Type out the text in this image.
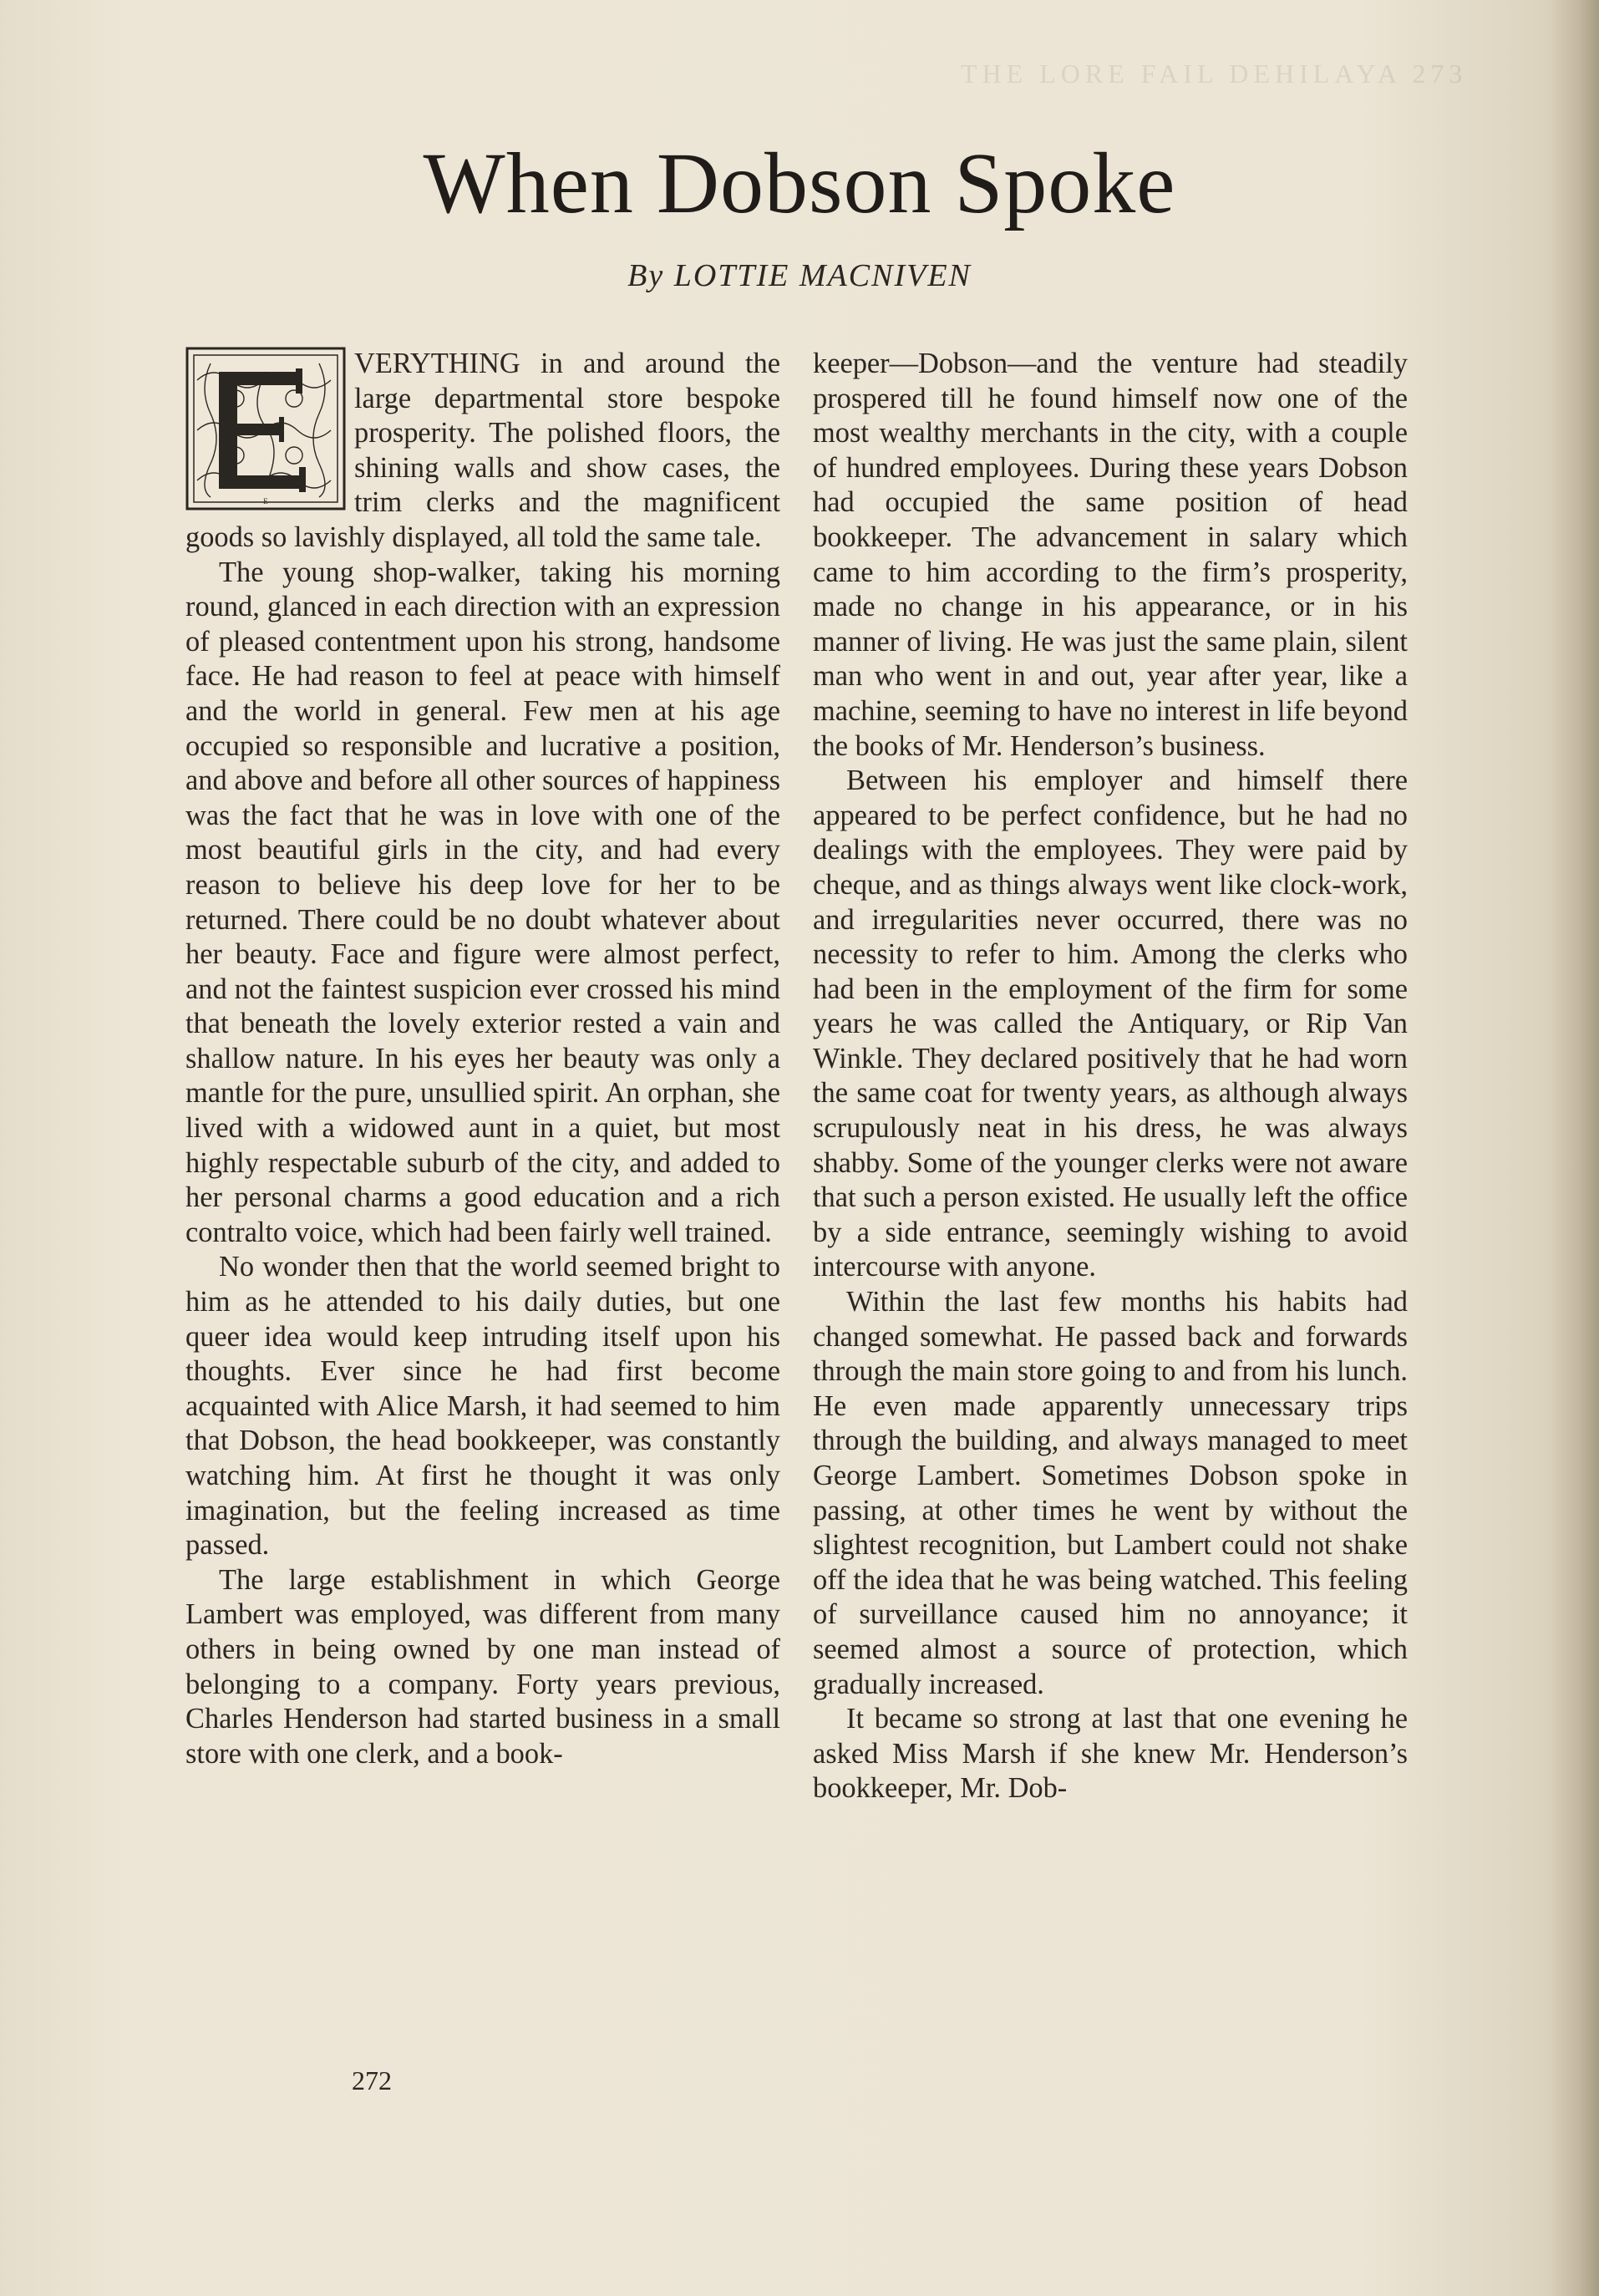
THE LORE FAIL DEHILAYA 273
When Dobson Spoke
By LOTTIE MACNIVEN
E

VERYTHING in and around the large departmental store bespoke prosperity. The polished floors, the shining walls and show cases, the trim clerks and the magnificent goods so lavishly displayed, all told the same tale.

The young shop-walker, taking his morning round, glanced in each direction with an expression of pleased contentment upon his strong, handsome face. He had reason to feel at peace with himself and the world in general. Few men at his age occupied so responsible and lucrative a position, and above and before all other sources of happiness was the fact that he was in love with one of the most beautiful girls in the city, and had every reason to believe his deep love for her to be returned. There could be no doubt whatever about her beauty. Face and figure were almost perfect, and not the faintest suspicion ever crossed his mind that beneath the lovely exterior rested a vain and shallow nature. In his eyes her beauty was only a mantle for the pure, unsullied spirit. An orphan, she lived with a widowed aunt in a quiet, but most highly respectable suburb of the city, and added to her personal charms a good education and a rich contralto voice, which had been fairly well trained.

No wonder then that the world seemed bright to him as he attended to his daily duties, but one queer idea would keep intruding itself upon his thoughts. Ever since he had first become acquainted with Alice Marsh, it had seemed to him that Dobson, the head bookkeeper, was constantly watching him. At first he thought it was only imagination, but the feeling increased as time passed.

The large establishment in which George Lambert was employed, was different from many others in being owned by one man instead of belonging to a company. Forty years previous, Charles Henderson had started business in a small store with one clerk, and a book-

keeper—Dobson—and the venture had steadily prospered till he found himself now one of the most wealthy merchants in the city, with a couple of hundred employees. During these years Dobson had occupied the same position of head bookkeeper. The advancement in salary which came to him according to the firm’s prosperity, made no change in his appearance, or in his manner of living. He was just the same plain, silent man who went in and out, year after year, like a machine, seeming to have no interest in life beyond the books of Mr. Henderson’s business.

Between his employer and himself there appeared to be perfect confidence, but he had no dealings with the employees. They were paid by cheque, and as things always went like clock-work, and irregularities never occurred, there was no necessity to refer to him. Among the clerks who had been in the employment of the firm for some years he was called the Antiquary, or Rip Van Winkle. They declared positively that he had worn the same coat for twenty years, as although always scrupulously neat in his dress, he was always shabby. Some of the younger clerks were not aware that such a person existed. He usually left the office by a side entrance, seemingly wishing to avoid intercourse with anyone.

Within the last few months his habits had changed somewhat. He passed back and forwards through the main store going to and from his lunch. He even made apparently unnecessary trips through the building, and always managed to meet George Lambert. Sometimes Dobson spoke in passing, at other times he went by without the slightest recognition, but Lambert could not shake off the idea that he was being watched. This feeling of surveillance caused him no annoyance; it seemed almost a source of protection, which gradually increased.

It became so strong at last that one evening he asked Miss Marsh if she knew Mr. Henderson’s bookkeeper, Mr. Dob-

272
